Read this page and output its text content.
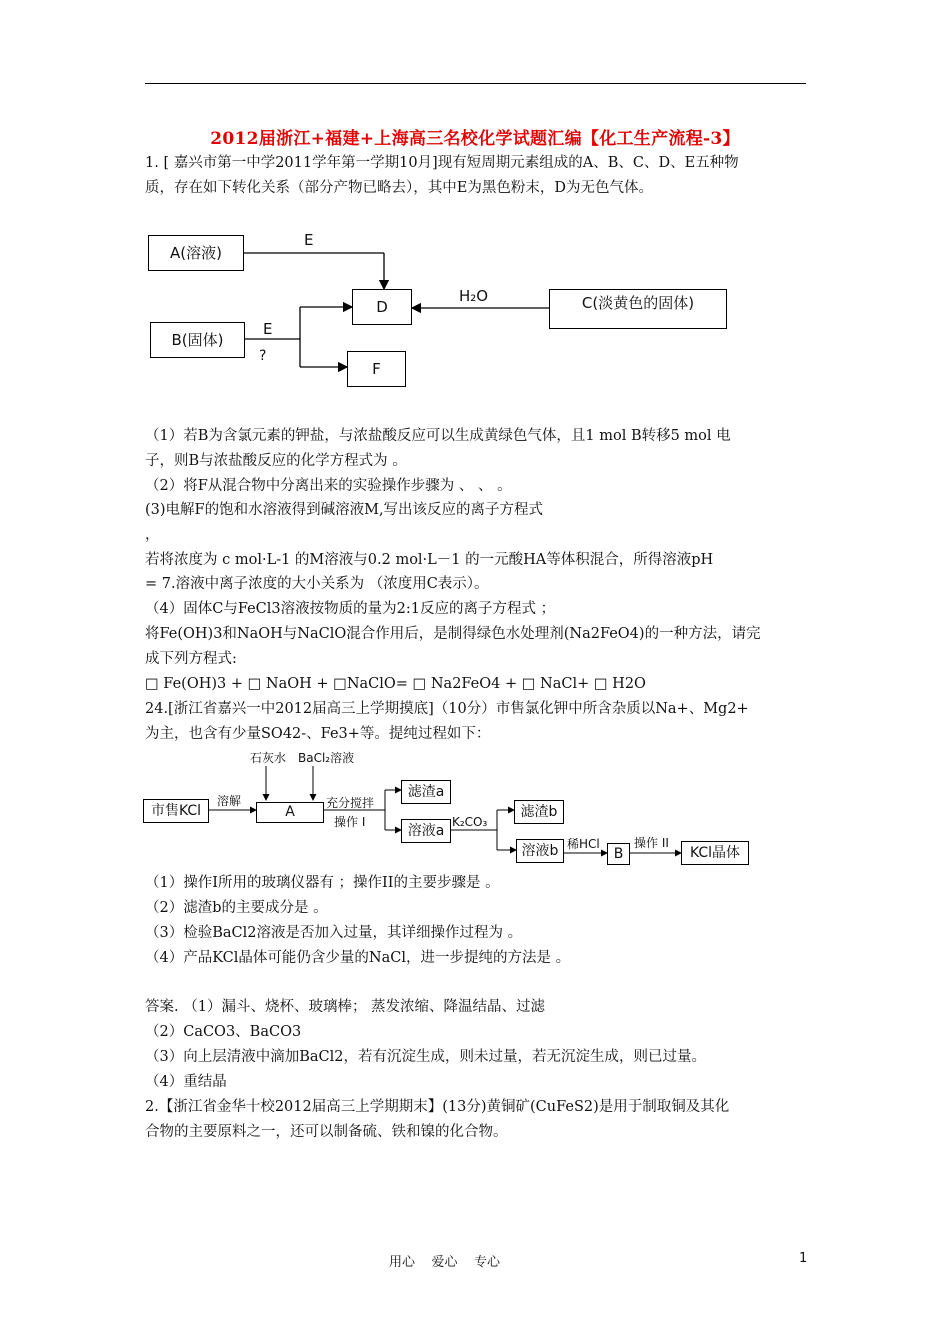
2012届浙江+福建+上海高三名校化学试题汇编【化工生产流程-3】
1. [ 嘉兴市第一中学2011学年第一学期10月]现有短周期元素组成的A、B、C、D、E五种物
质，存在如下转化关系（部分产物已略去），其中E为黑色粉末，D为无色气体。
A(溶液)
B(固体)
D
F
C(淡黄色的固体)
E
E
?
H₂O
（1）若B为含氯元素的钾盐，与浓盐酸反应可以生成黄绿色气体，且1 mol B转移5 mol 电
子，则B与浓盐酸反应的化学方程式为 。
（2）将F从混合物中分离出来的实验操作步骤为 、 、 。
(3)电解F的饱和水溶液得到碱溶液M,写出该反应的离子方程式
，
若将浓度为 c mol·L-1 的M溶液与0.2 mol·L－1 的一元酸HA等体积混合，所得溶液pH
= 7.溶液中离子浓度的大小关系为 （浓度用C表示）。
（4）固体C与FeCl3溶液按物质的量为2:1反应的离子方程式 ；
将Fe(OH)3和NaOH与NaClO混合作用后，是制得绿色水处理剂(Na2FeO4)的一种方法，请完
成下列方程式:
□ Fe(OH)3 + □ NaOH + □NaClO= □ Na2FeO4 + □ NaCl+ □ H2O
24.[浙江省嘉兴一中2012届高三上学期摸底]（10分）市售氯化钾中所含杂质以Na+、Mg2+
为主，也含有少量SO42-、Fe3+等。提纯过程如下：
石灰水 BaCl₂溶液
市售KCl
溶解
A
充分搅拌
操作 I
滤渣a
溶液a
K₂CO₃
滤渣b
溶液b 稀HCl
B
操作 II
KCl晶体
（1）操作I所用的玻璃仪器有 ；操作II的主要步骤是 。
（2）滤渣b的主要成分是 。
（3）检验BaCl2溶液是否加入过量，其详细操作过程为 。
（4）产品KCl晶体可能仍含少量的NaCl，进一步提纯的方法是 。
答案. （1）漏斗、烧杯、玻璃棒； 蒸发浓缩、降温结晶、过滤
（2）CaCO3、BaCO3
（3）向上层清液中滴加BaCl2，若有沉淀生成，则未过量，若无沉淀生成，则已过量。
（4）重结晶
2.【浙江省金华十校2012届高三上学期期末】(13分)黄铜矿(CuFeS2)是用于制取铜及其化
合物的主要原料之一，还可以制备硫、铁和镍的化合物。
用心    爱心    专心	1
